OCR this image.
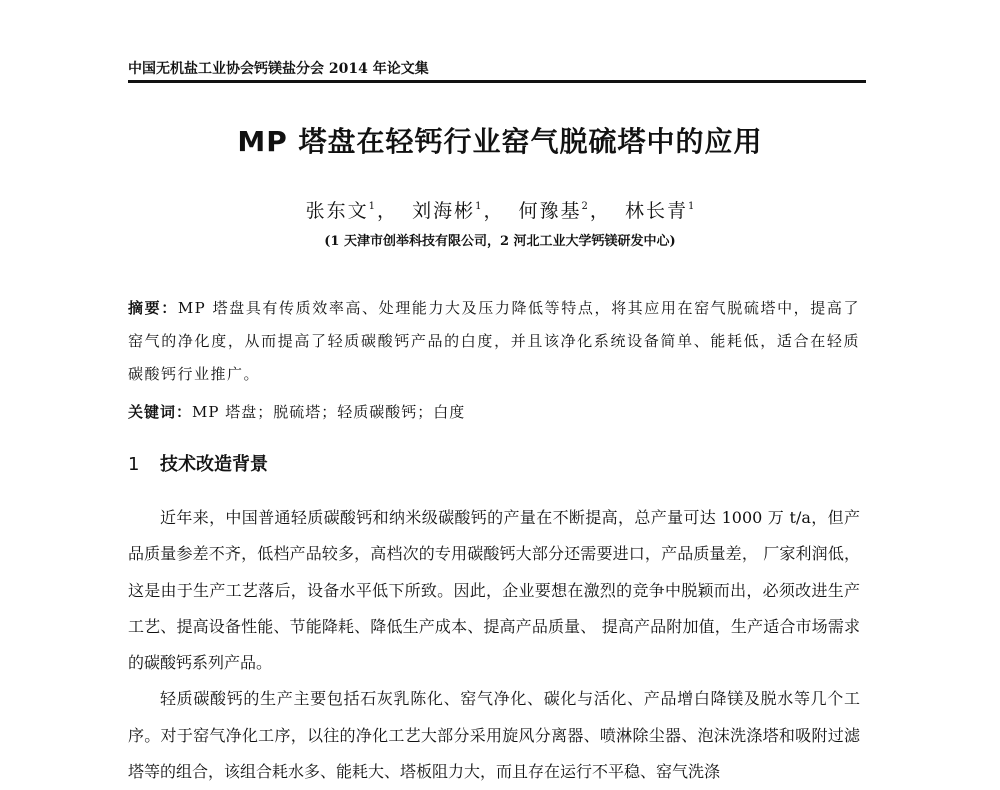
中国无机盐工业协会钙镁盐分会 2014 年论文集
MP 塔盘在轻钙行业窑气脱硫塔中的应用
张东文$^1$ ， 刘海彬$^1$ ， 何豫基$^2$ ， 林长青$^1$
(1 天津市创举科技有限公司，2 河北工业大学钙镁研发中心)
摘要：MP 塔盘具有传质效率高、处理能力大及压力降低等特点，将其应用在窑气脱硫塔中，提高了窑气的净化度，从而提高了轻质碳酸钙产品的白度，并且该净化系统设备简单、能耗低，适合在轻质碳酸钙行业推广。
关键词：MP 塔盘；脱硫塔；轻质碳酸钙；白度
1 技术改造背景

近年来，中国普通轻质碳酸钙和纳米级碳酸钙的产量在不断提高，总产量可达 1000 万 t/a，但产品质量参差不齐，低档产品较多，高档次的专用碳酸钙大部分还需要进口，产品质量差， 厂家利润低，这是由于生产工艺落后，设备水平低下所致。因此，企业要想在激烈的竞争中脱颖而出，必须改进生产工艺、提高设备性能、节能降耗、降低生产成本、提高产品质量、 提高产品附加值，生产适合市场需求的碳酸钙系列产品。

轻质碳酸钙的生产主要包括石灰乳陈化、窑气净化、碳化与活化、产品增白降镁及脱水等几个工序。对于窑气净化工序，以往的净化工艺大部分采用旋风分离器、喷淋除尘器、泡沫洗涤塔和吸附过滤塔等的组合，该组合耗水多、能耗大、塔板阻力大，而且存在运行不平稳、窑气洗涤
